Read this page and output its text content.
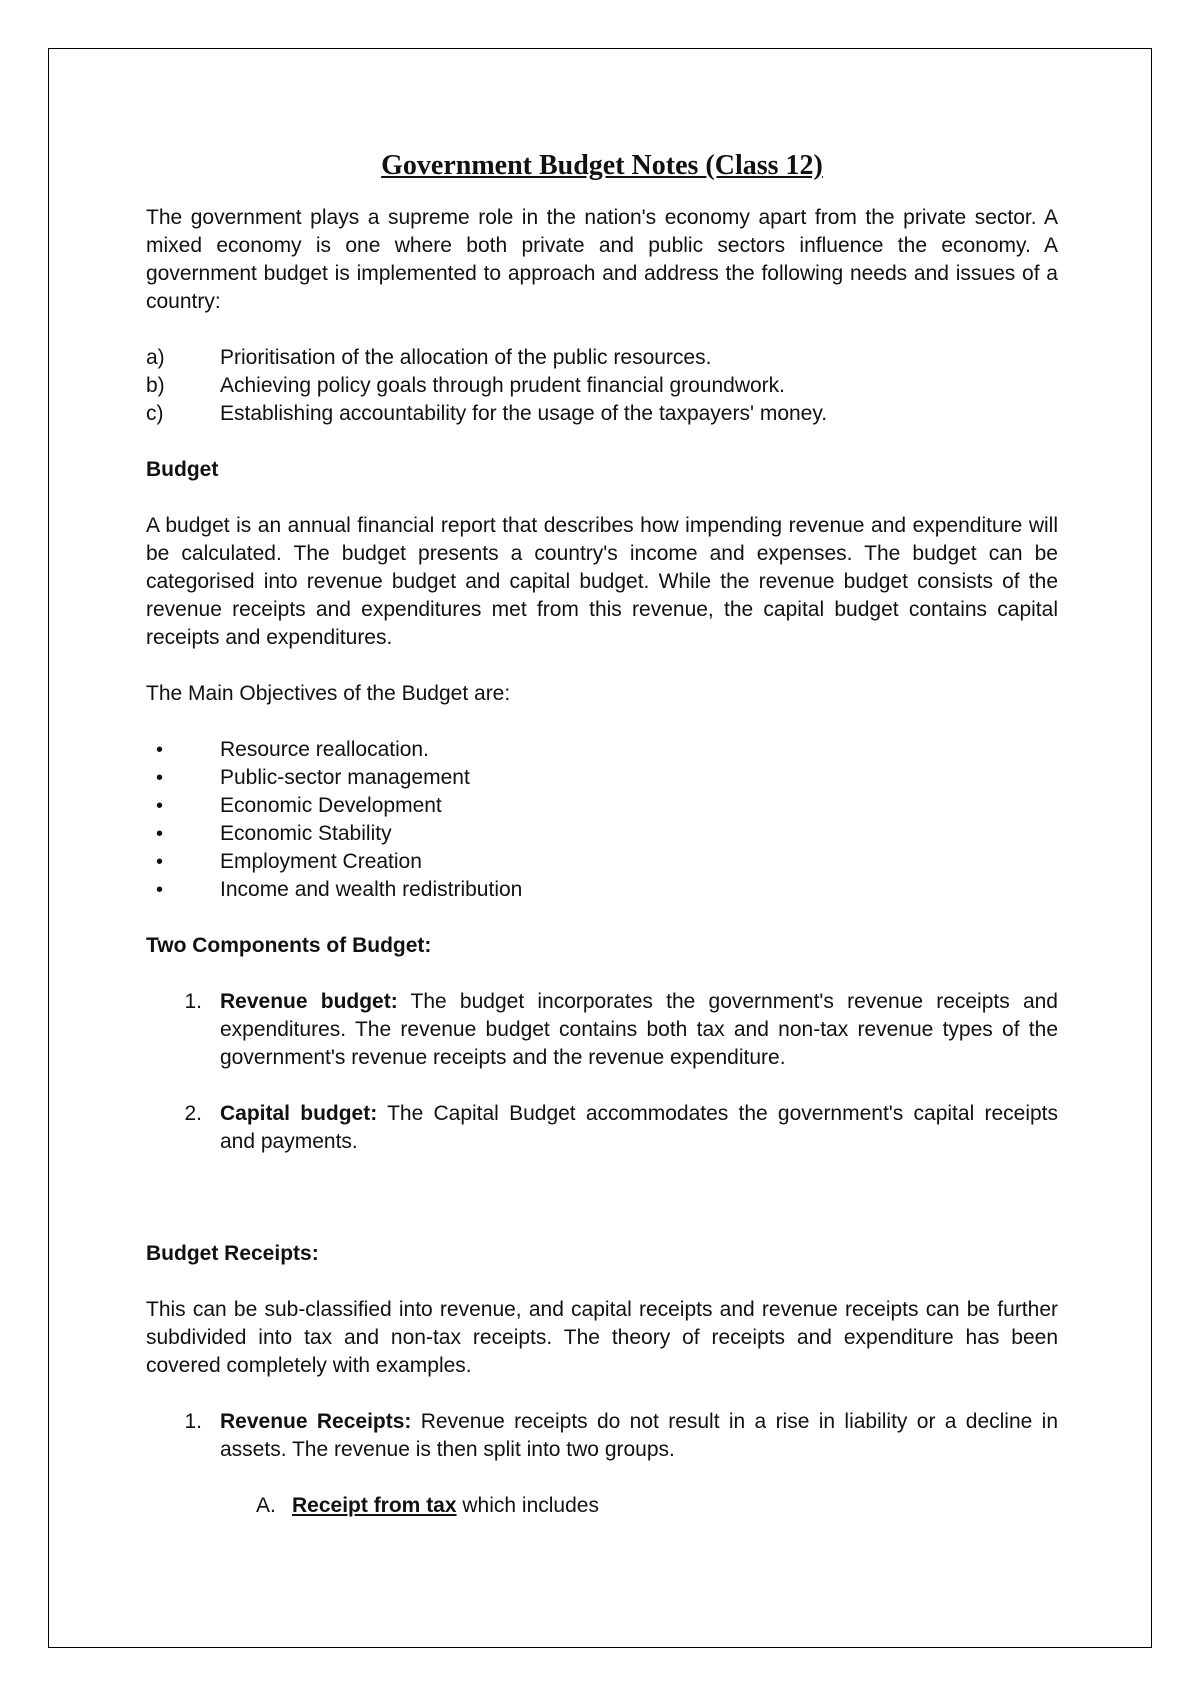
Government Budget Notes (Class 12)

The government plays a supreme role in the nation's economy apart from the private sector. A mixed economy is one where both private and public sectors influence the economy. A government budget is implemented to approach and address the following needs and issues of a country:

a)	Prioritisation of the allocation of the public resources.
b)	Achieving policy goals through prudent financial groundwork.
c)	Establishing accountability for the usage of the taxpayers' money.

Budget

A budget is an annual financial report that describes how impending revenue and expenditure will be calculated. The budget presents a country's income and expenses. The budget can be categorised into revenue budget and capital budget. While the revenue budget consists of the revenue receipts and expenditures met from this revenue, the capital budget contains capital receipts and expenditures.

The Main Objectives of the Budget are:

•	Resource reallocation.
•	Public-sector management
•	Economic Development
•	Economic Stability
•	Employment Creation
•	Income and wealth redistribution

Two Components of Budget:

1. Revenue budget: The budget incorporates the government's revenue receipts and expenditures. The revenue budget contains both tax and non-tax revenue types of the government's revenue receipts and the revenue expenditure.
2. Capital budget: The Capital Budget accommodates the government's capital receipts and payments.

Budget Receipts:

This can be sub-classified into revenue, and capital receipts and revenue receipts can be further subdivided into tax and non-tax receipts. The theory of receipts and expenditure has been covered completely with examples.

1. Revenue Receipts: Revenue receipts do not result in a rise in liability or a decline in assets. The revenue is then split into two groups.

A. Receipt from tax which includes
